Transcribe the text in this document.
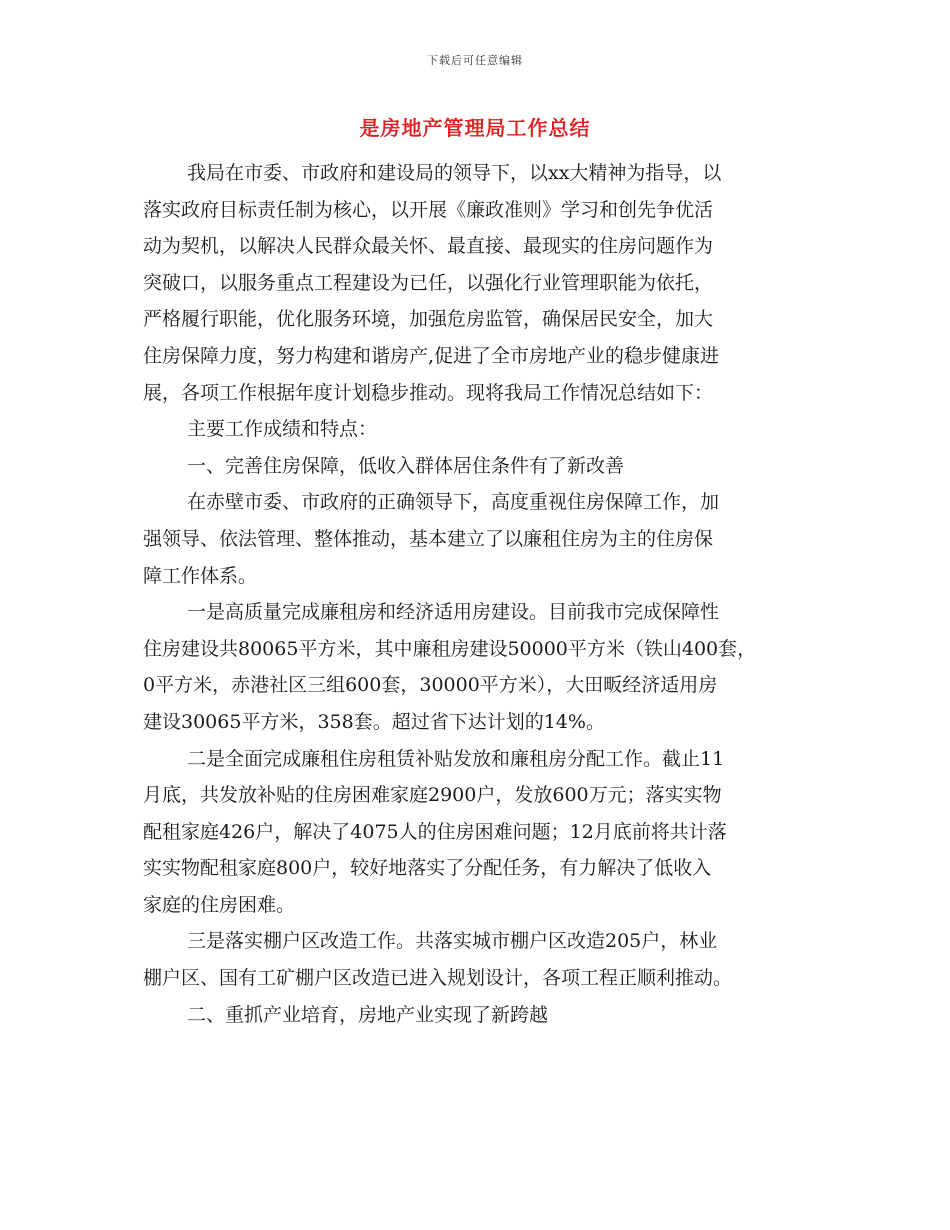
下载后可任意编辑
是房地产管理局工作总结
我局在市委、市政府和建设局的领导下，以xx大精神为指导，以
落实政府目标责任制为核心，以开展《廉政准则》学习和创先争优活
动为契机，以解决人民群众最关怀、最直接、最现实的住房问题作为
突破口，以服务重点工程建设为已任，以强化行业管理职能为依托，
严格履行职能，优化服务环境，加强危房监管，确保居民安全，加大
住房保障力度，努力构建和谐房产,促进了全市房地产业的稳步健康进
展，各项工作根据年度计划稳步推动。现将我局工作情况总结如下：
主要工作成绩和特点：
一、完善住房保障，低收入群体居住条件有了新改善
在赤壁市委、市政府的正确领导下，高度重视住房保障工作，加
强领导、依法管理、整体推动，基本建立了以廉租住房为主的住房保
障工作体系。
一是高质量完成廉租房和经济适用房建设。目前我市完成保障性
住房建设共80065平方米，其中廉租房建设50000平方米（铁山400套，
0平方米，赤港社区三组600套，30000平方米），大田畈经济适用房
建设30065平方米，358套。超过省下达计划的14%。
二是全面完成廉租住房租赁补贴发放和廉租房分配工作。截止11
月底，共发放补贴的住房困难家庭2900户，发放600万元；落实实物
配租家庭426户，解决了4075人的住房困难问题；12月底前将共计落
实实物配租家庭800户，较好地落实了分配任务，有力解决了低收入
家庭的住房困难。
三是落实棚户区改造工作。共落实城市棚户区改造205户，林业
棚户区、国有工矿棚户区改造已进入规划设计，各项工程正顺利推动。
二、重抓产业培育，房地产业实现了新跨越
